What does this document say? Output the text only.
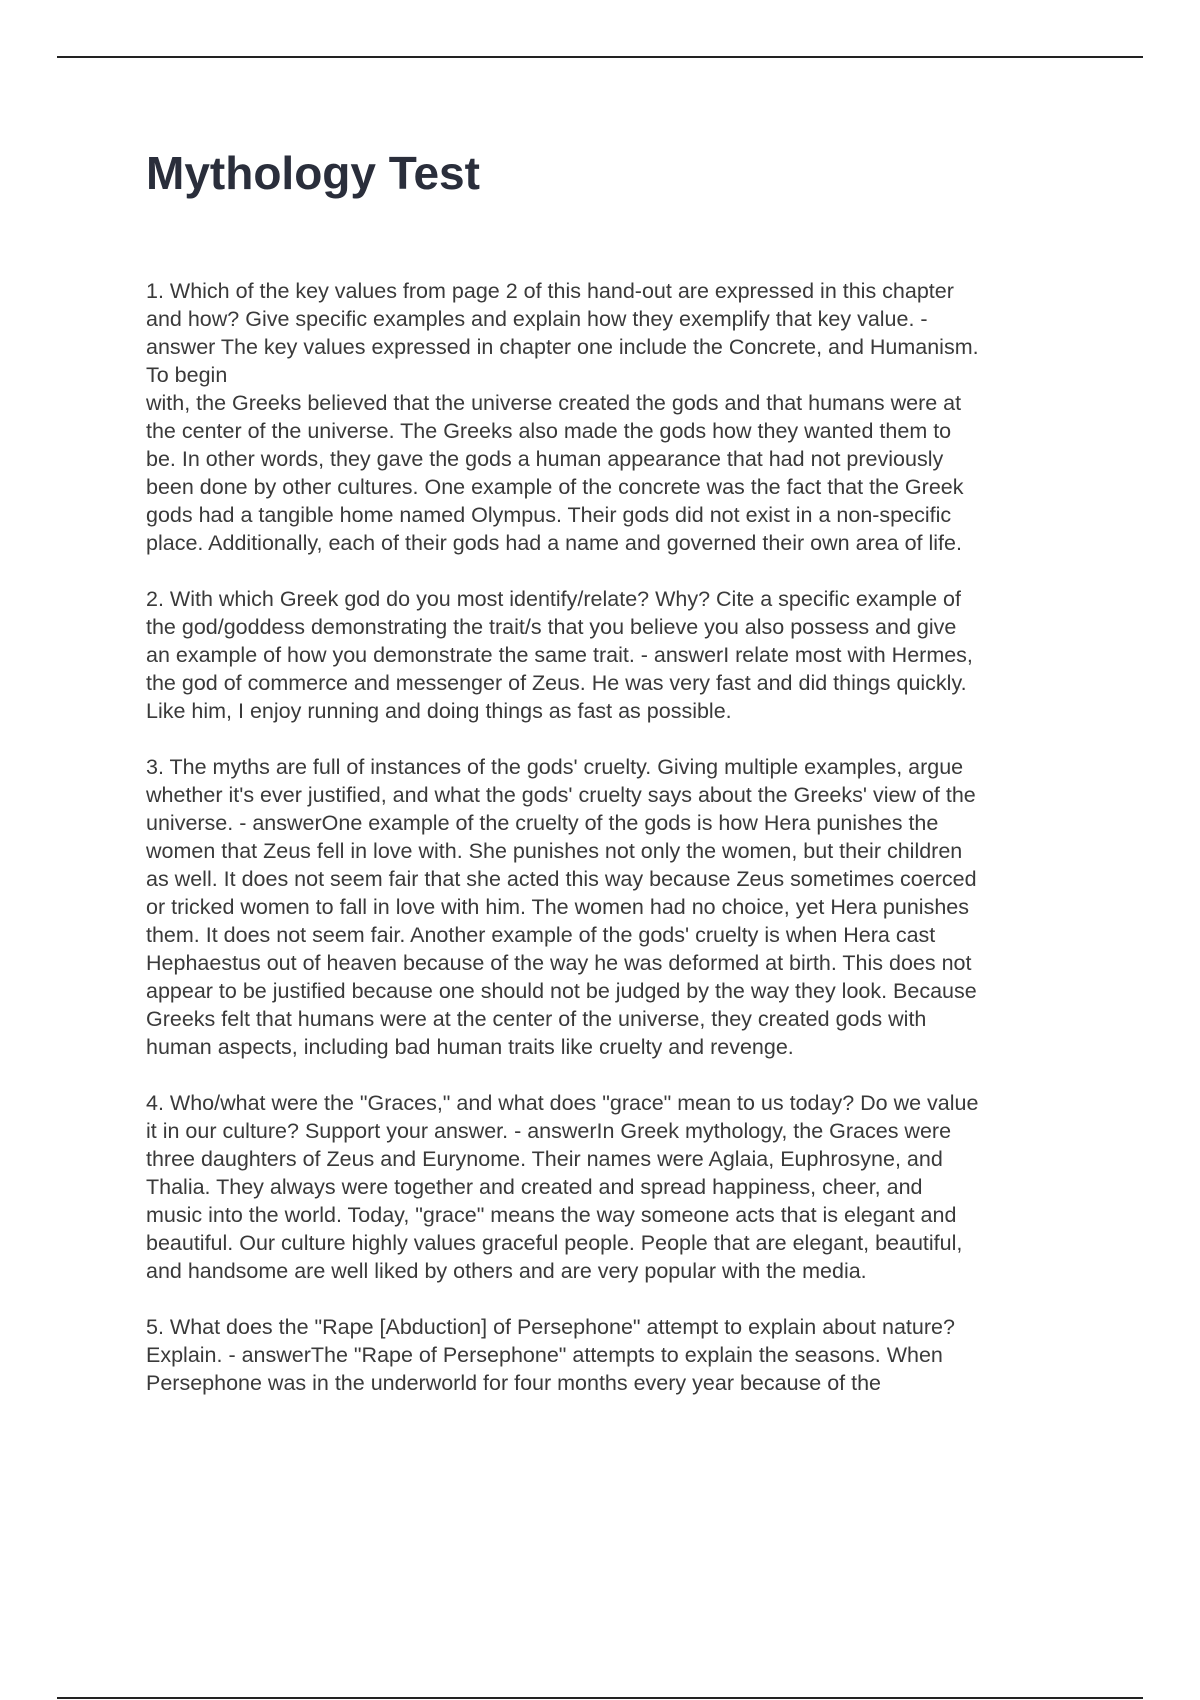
Mythology Test

1. Which of the key values from page 2 of this hand-out are expressed in this chapter
and how? Give specific examples and explain how they exemplify that key value. -
answer The key values expressed in chapter one include the Concrete, and Humanism.
To begin
with, the Greeks believed that the universe created the gods and that humans were at
the center of the universe. The Greeks also made the gods how they wanted them to
be. In other words, they gave the gods a human appearance that had not previously
been done by other cultures. One example of the concrete was the fact that the Greek
gods had a tangible home named Olympus. Their gods did not exist in a non-specific
place. Additionally, each of their gods had a name and governed their own area of life.

2. With which Greek god do you most identify/relate? Why? Cite a specific example of
the god/goddess demonstrating the trait/s that you believe you also possess and give
an example of how you demonstrate the same trait. - answerI relate most with Hermes,
the god of commerce and messenger of Zeus. He was very fast and did things quickly.
Like him, I enjoy running and doing things as fast as possible.

3. The myths are full of instances of the gods' cruelty. Giving multiple examples, argue
whether it's ever justified, and what the gods' cruelty says about the Greeks' view of the
universe. - answerOne example of the cruelty of the gods is how Hera punishes the
women that Zeus fell in love with. She punishes not only the women, but their children
as well. It does not seem fair that she acted this way because Zeus sometimes coerced
or tricked women to fall in love with him. The women had no choice, yet Hera punishes
them. It does not seem fair. Another example of the gods' cruelty is when Hera cast
Hephaestus out of heaven because of the way he was deformed at birth. This does not
appear to be justified because one should not be judged by the way they look. Because
Greeks felt that humans were at the center of the universe, they created gods with
human aspects, including bad human traits like cruelty and revenge.

4. Who/what were the "Graces," and what does "grace" mean to us today? Do we value
it in our culture? Support your answer. - answerIn Greek mythology, the Graces were
three daughters of Zeus and Eurynome. Their names were Aglaia, Euphrosyne, and
Thalia. They always were together and created and spread happiness, cheer, and
music into the world. Today, "grace" means the way someone acts that is elegant and
beautiful. Our culture highly values graceful people. People that are elegant, beautiful,
and handsome are well liked by others and are very popular with the media.

5. What does the "Rape [Abduction] of Persephone" attempt to explain about nature?
Explain. - answerThe "Rape of Persephone" attempts to explain the seasons. When
Persephone was in the underworld for four months every year because of the
